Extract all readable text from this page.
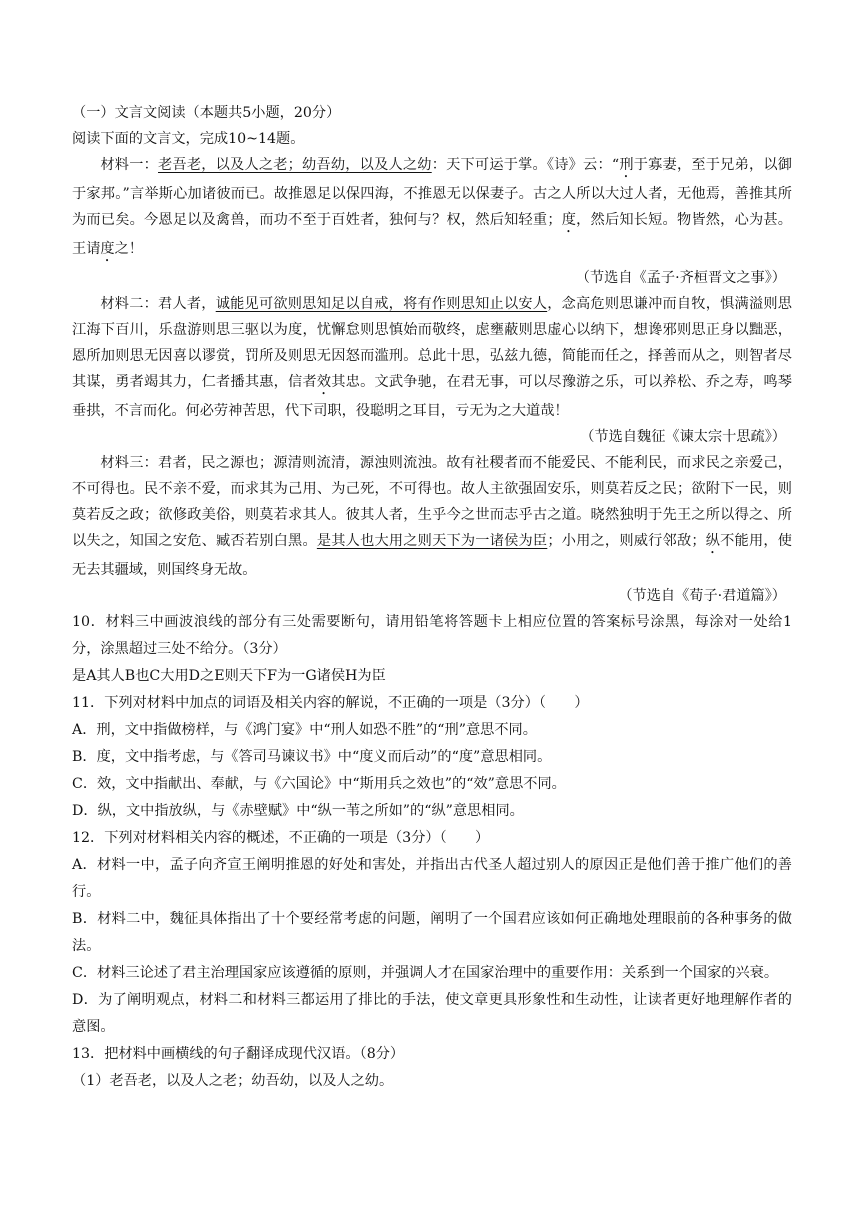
（一）文言文阅读（本题共5小题，20分）
阅读下面的文言文，完成10~14题。
材料一：老吾老，以及人之老；幼吾幼，以及人之幼：天下可运于掌。《诗》云：“刑于寡妻，至于兄弟，以御于家邦。”言举斯心加诸彼而已。故推恩足以保四海，不推恩无以保妻子。古之人所以大过人者，无他焉，善推其所为而已矣。今恩足以及禽兽，而功不至于百姓者，独何与？权，然后知轻重；度，然后知长短。物皆然，心为甚。王请度之！
（节选自《孟子·齐桓晋文之事》）
材料二：君人者，诚能见可欲则思知足以自戒，将有作则思知止以安人，念高危则思谦冲而自牧，惧满溢则思江海下百川，乐盘游则思三驱以为度，忧懈怠则思慎始而敬终，虑壅蔽则思虚心以纳下，想谗邪则思正身以黜恶，恩所加则思无因喜以谬赏，罚所及则思无因怒而滥刑。总此十思，弘兹九德，简能而任之，择善而从之，则智者尽其谋，勇者竭其力，仁者播其惠，信者效其忠。文武争驰，在君无事，可以尽豫游之乐，可以养松、乔之寿，鸣琴垂拱，不言而化。何必劳神苦思，代下司职，役聪明之耳目，亏无为之大道哉！
（节选自魏征《谏太宗十思疏》）
材料三：君者，民之源也；源清则流清，源浊则流浊。故有社稷者而不能爱民、不能利民，而求民之亲爱己，不可得也。民不亲不爱，而求其为己用、为己死，不可得也。故人主欲强固安乐，则莫若反之民；欲附下一民，则莫若反之政；欲修政美俗，则莫若求其人。彼其人者，生乎今之世而志乎古之道。晓然独明于先王之所以得之、所以失之，知国之安危、臧否若别白黑。是其人也大用之则天下为一诸侯为臣；小用之，则威行邻敌；纵不能用，使无去其疆域，则国终身无故。
（节选自《荀子·君道篇》）
10．材料三中画波浪线的部分有三处需要断句，请用铅笔将答题卡上相应位置的答案标号涂黑，每涂对一处给1分，涂黑超过三处不给分。（3分）
是A其人B也C大用D之E则天下F为一G诸侯H为臣
11．下列对材料中加点的词语及相关内容的解说，不正确的一项是（3分）（　　）
A．刑，文中指做榜样，与《鸿门宴》中“刑人如恐不胜”的“刑”意思不同。
B．度，文中指考虑，与《答司马谏议书》中“度义而后动”的“度”意思相同。
C．效，文中指献出、奉献，与《六国论》中“斯用兵之效也”的“效”意思不同。
D．纵，文中指放纵，与《赤壁赋》中“纵一苇之所如”的“纵”意思相同。
12．下列对材料相关内容的概述，不正确的一项是（3分）（　　）
A．材料一中，孟子向齐宣王阐明推恩的好处和害处，并指出古代圣人超过别人的原因正是他们善于推广他们的善行。
B．材料二中，魏征具体指出了十个要经常考虑的问题，阐明了一个国君应该如何正确地处理眼前的各种事务的做法。
C．材料三论述了君主治理国家应该遵循的原则，并强调人才在国家治理中的重要作用：关系到一个国家的兴衰。
D．为了阐明观点，材料二和材料三都运用了排比的手法，使文章更具形象性和生动性，让读者更好地理解作者的意图。
13．把材料中画横线的句子翻译成现代汉语。（8分）
（1）老吾老，以及人之老；幼吾幼，以及人之幼。
